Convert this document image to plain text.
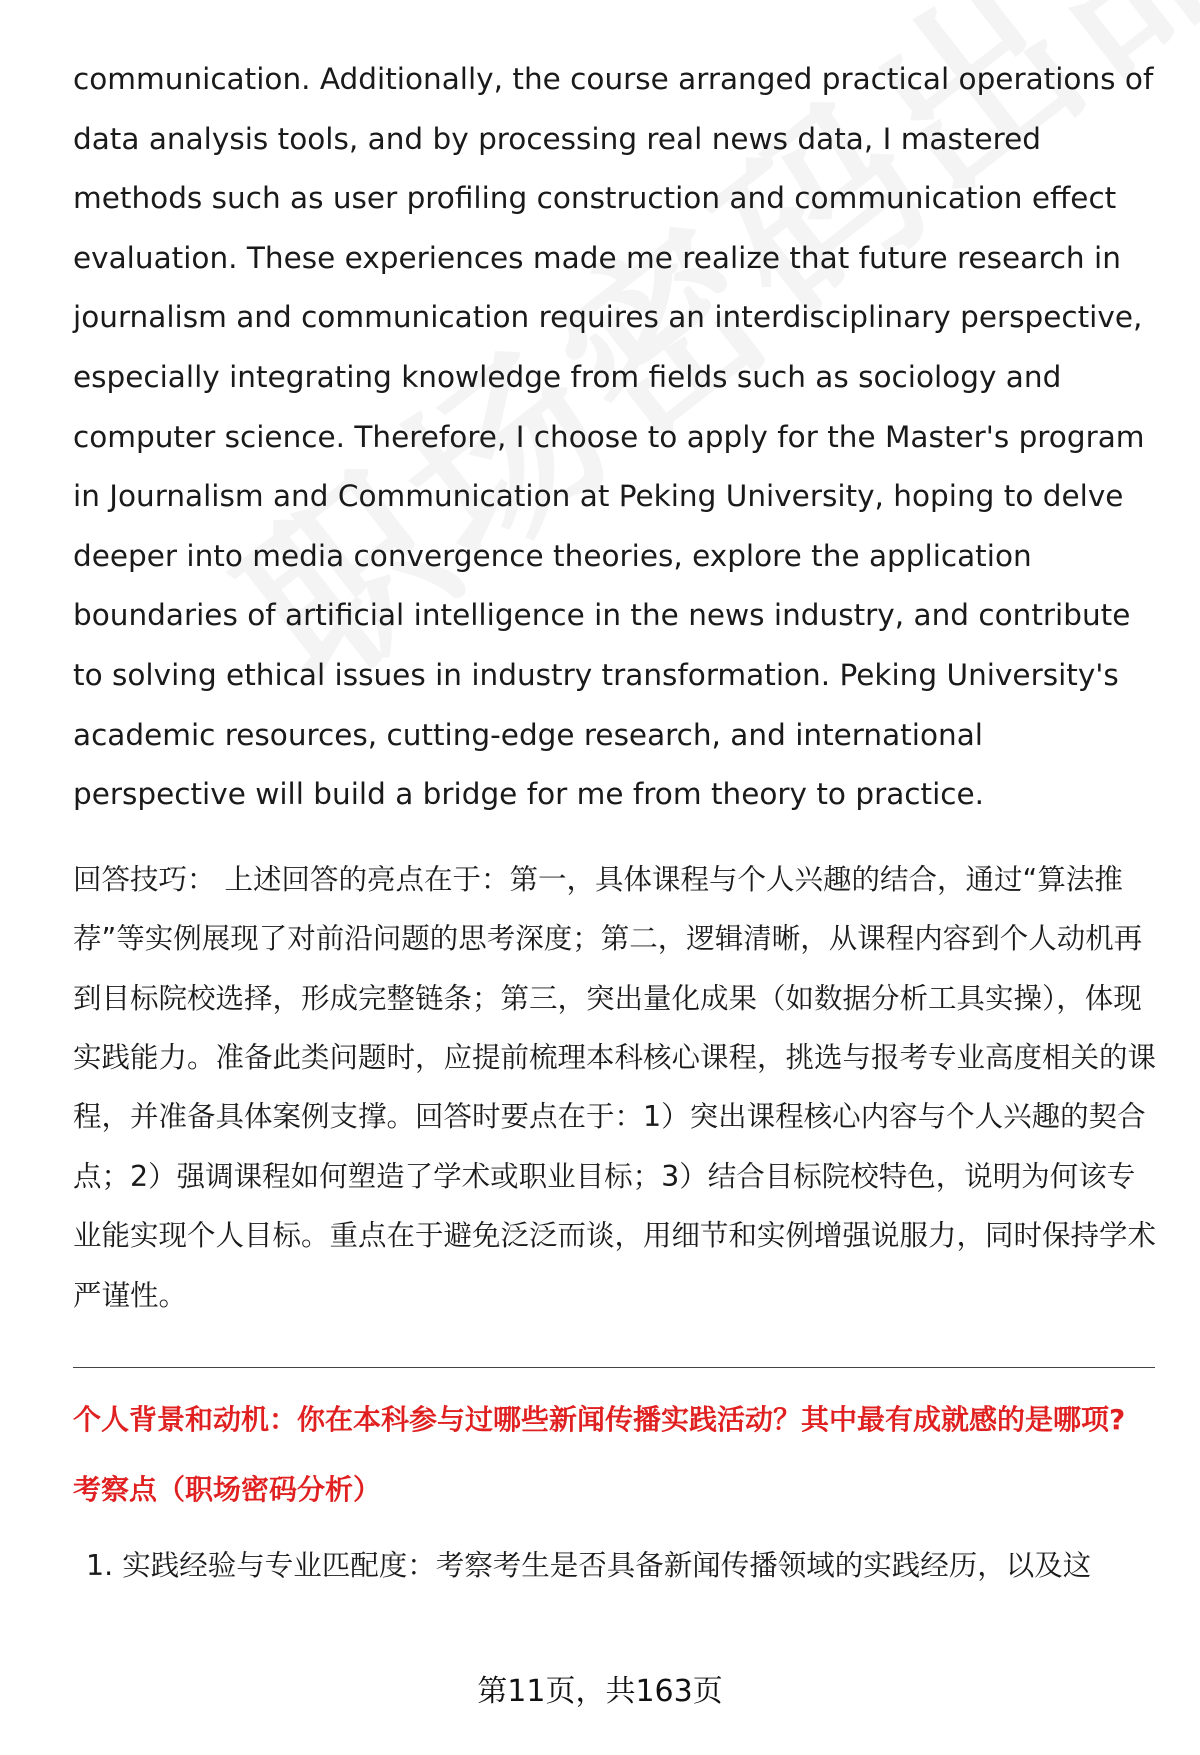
communication. Additionally, the course arranged practical operations of data analysis tools, and by processing real news data, I mastered methods such as user profiling construction and communication effect evaluation. These experiences made me realize that future research in journalism and communication requires an interdisciplinary perspective, especially integrating knowledge from fields such as sociology and computer science. Therefore, I choose to apply for the Master's program in Journalism and Communication at Peking University, hoping to delve deeper into media convergence theories, explore the application boundaries of artificial intelligence in the news industry, and contribute to solving ethical issues in industry transformation. Peking University's academic resources, cutting-edge research, and international perspective will build a bridge for me from theory to practice.

回答技巧： 上述回答的亮点在于：第一，具体课程与个人兴趣的结合，通过“算法推荐”等实例展现了对前沿问题的思考深度；第二，逻辑清晰，从课程内容到个人动机再到目标院校选择，形成完整链条；第三，突出量化成果（如数据分析工具实操），体现实践能力。准备此类问题时，应提前梳理本科核心课程，挑选与报考专业高度相关的课程，并准备具体案例支撑。回答时要点在于：1）突出课程核心内容与个人兴趣的契合点；2）强调课程如何塑造了学术或职业目标；3）结合目标院校特色，说明为何该专业能实现个人目标。重点在于避免泛泛而谈，用细节和实例增强说服力，同时保持学术严谨性。

个人背景和动机：你在本科参与过哪些新闻传播实践活动？其中最有成就感的是哪项?

考察点（职场密码分析）

1. 实践经验与专业匹配度：考察考生是否具备新闻传播领域的实践经历，以及这

第11页，共163页
